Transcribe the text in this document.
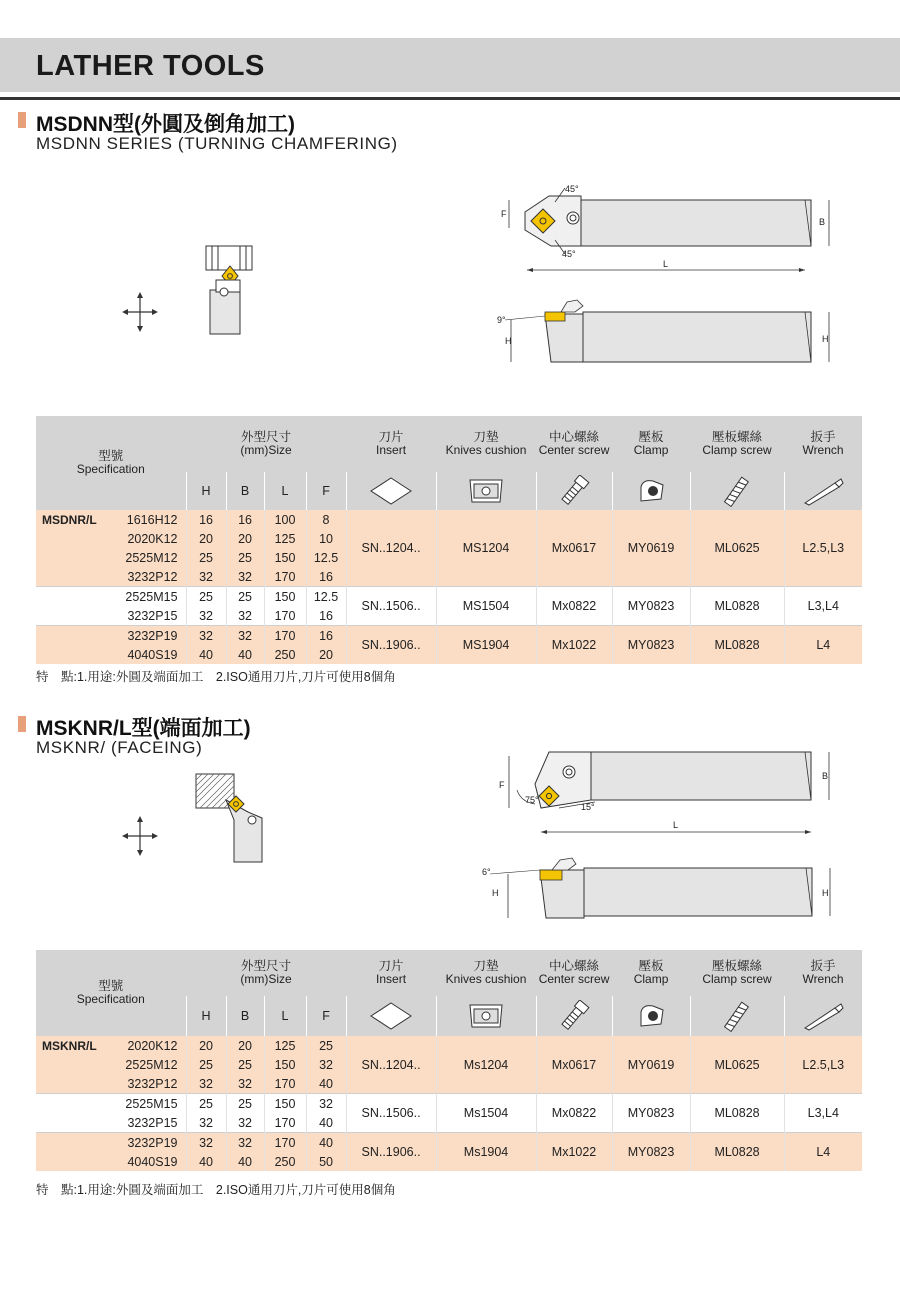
LATHER TOOLS
MSDNN型(外圓及倒角加工)
MSDNN SERIES (TURNING CHAMFERING)
45°
45°
F
B
L
9°
H	H
型號
Specification		外型尺寸
(mm)Size				刀片
Insert	刀墊
Knives cushion	中心螺絲
Center screw	壓板
Clamp	壓板螺絲
Clamp screw	扳手
Wrench

		H	B	L	F	

MSDNR/L	1616H12	16	16	100	8	SN..1204..	MS1204	Mx0617	MY0619	ML0625	L2.5,L3
	2020K12	20	20	125	10						
	2525M12	25	25	150	12.5						
	3232P12	32	32	170	16						
	2525M15	25	25	150	12.5	SN..1506..	MS1504	Mx0822	MY0823	ML0828	L3,L4
	3232P15	32	32	170	16						
	3232P19	32	32	170	16	SN..1906..	MS1904	Mx1022	MY0823	ML0828	L4
	4040S19	40	40	250	20						
特　點:1.用途:外圓及端面加工　2.ISO通用刀片,刀片可使用8個角
MSKNR/L型(端面加工)
MSKNR/ (FACEING)
75°
15°
F
B
L
6°
H	H
型號
Specification		外型尺寸
(mm)Size				刀片
Insert	刀墊
Knives cushion	中心螺絲
Center screw	壓板
Clamp	壓板螺絲
Clamp screw	扳手
Wrench

		H	B	L	F	

MSKNR/L	2020K12	20	20	125	25	SN..1204..	Ms1204	Mx0617	MY0619	ML0625	L2.5,L3
	2525M12	25	25	150	32						
	3232P12	32	32	170	40						
	2525M15	25	25	150	32	SN..1506..	Ms1504	Mx0822	MY0823	ML0828	L3,L4
	3232P15	32	32	170	40						
	3232P19	32	32	170	40	SN..1906..	Ms1904	Mx1022	MY0823	ML0828	L4
	4040S19	40	40	250	50						
特　點:1.用途:外圓及端面加工　2.ISO通用刀片,刀片可使用8個角
